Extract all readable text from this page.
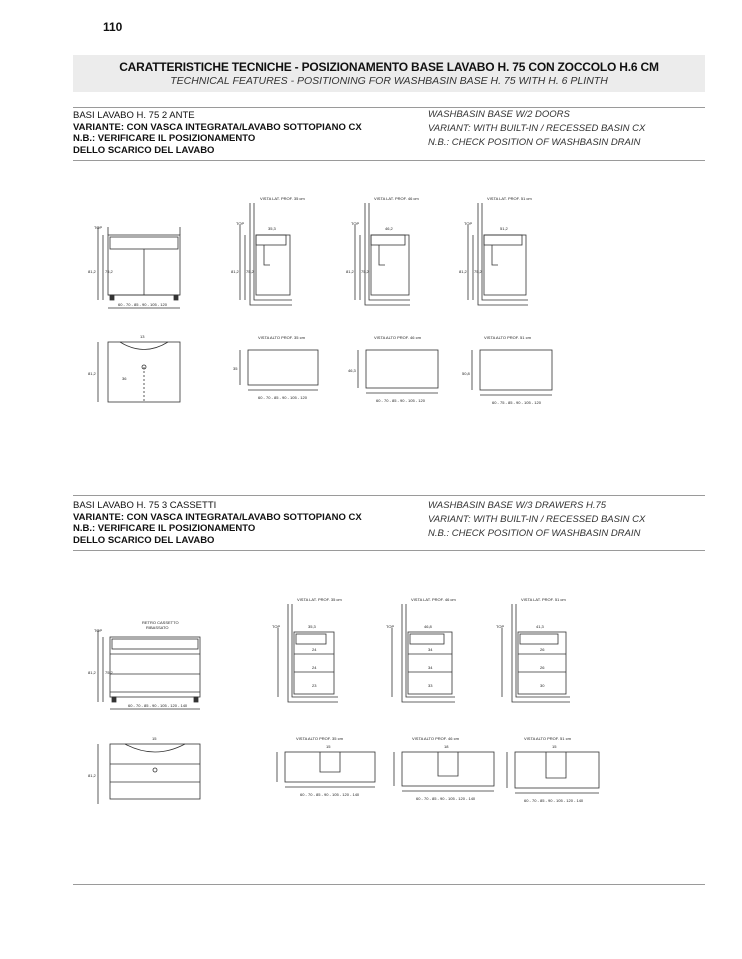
110
CARATTERISTICHE TECNICHE - POSIZIONAMENTO BASE LAVABO H. 75 CON ZOCCOLO H.6 CM
TECHNICAL FEATURES - POSITIONING FOR WASHBASIN BASE H. 75 WITH H. 6 PLINTH
BASI LAVABO H. 75 2 ANTE
VARIANTE: CON VASCA INTEGRATA/LAVABO SOTTOPIANO CX
N.B.: VERIFICARE IL POSIZIONAMENTO
DELLO SCARICO DEL LAVABO
WASHBASIN BASE W/2 DOORS
VARIANT: WITH BUILT-IN / RECESSED BASIN CX
N.B.: CHECK POSITION OF WASHBASIN DRAIN
TOP
81,2 75,2
60 - 70 - 85 - 90 - 105 - 120
81,2
36
13
VISTA LAT. PROF. 35 cm
35,3
TOP
81,2 75,2
VISTA LAT. PROF. 46 cm
46,2
TOP
81,2 75,2
VISTA LAT. PROF. 51 cm
51,2
TOP
81,2 75,2
VISTA ALTO PROF. 35 cm
35
60 - 70 - 85 - 90 - 105 - 120
VISTA ALTO PROF. 46 cm
46,3
60 - 70 - 85 - 90 - 105 - 120
VISTA ALTO PROF. 51 cm
50,8
60 - 75 - 85 - 90 - 105 - 120
BASI LAVABO H. 75 3 CASSETTI
VARIANTE: CON VASCA INTEGRATA/LAVABO SOTTOPIANO CX
N.B.: VERIFICARE IL POSIZIONAMENTO
DELLO SCARICO DEL LAVABO
WASHBASIN BASE W/3 DRAWERS H.75
VARIANT: WITH BUILT-IN / RECESSED BASIN CX
N.B.: CHECK POSITION OF WASHBASIN DRAIN
RETRO CASSETTO
RIBASSATO
TOP
81,2 75,2
60 - 70 - 85 - 90 - 105 - 120 - 140
81,2
15
VISTA LAT. PROF. 35 cm
35,3
TOP
24
24
23
VISTA LAT. PROF. 46 cm
46,8
TOP
34
34
33
VISTA LAT. PROF. 51 cm
41,3
TOP
26
26
30
VISTA ALTO PROF. 35 cm
15
60 - 70 - 85 - 90 - 105 - 120 - 140
VISTA ALTO PROF. 46 cm
18
60 - 70 - 85 - 90 - 105 - 120 - 140
VISTA ALTO PROF. 51 cm
15
60 - 70 - 85 - 90 - 105 - 120 - 140
